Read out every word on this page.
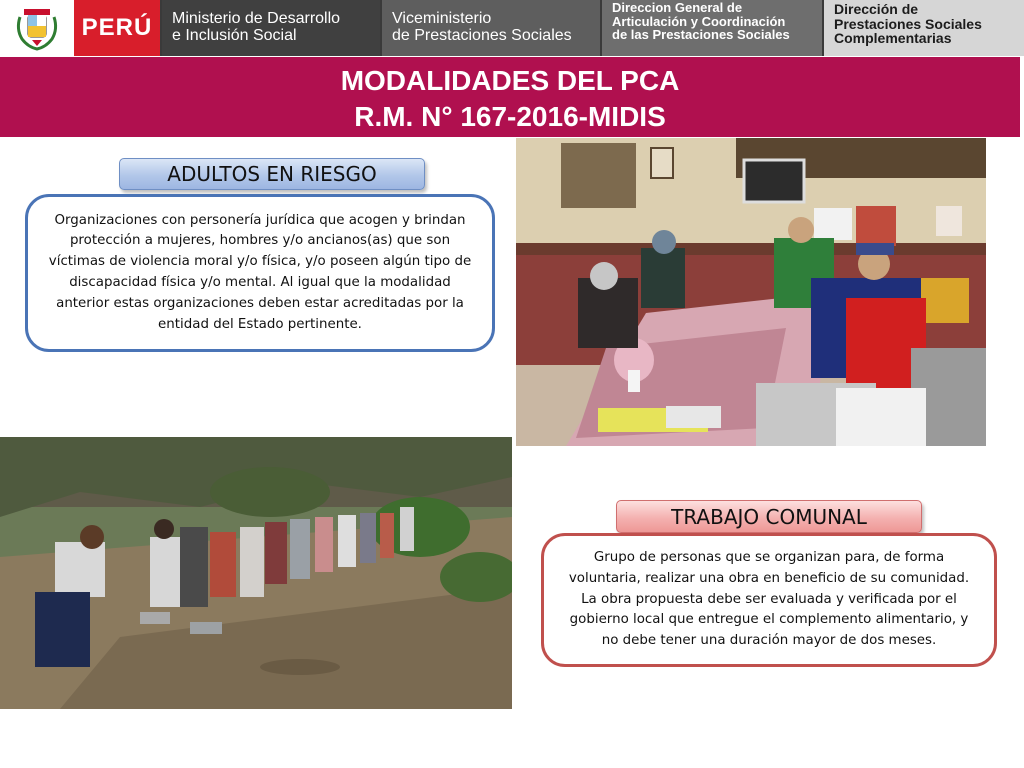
PERÚ	Ministerio de Desarrollo
e Inclusión Social
Viceministerio
de Prestaciones Sociales
Direccion General de
Articulación y Coordinación
de las Prestaciones Sociales
Dirección de
Prestaciones Sociales
Complementarias
MODALIDADES DEL PCA
R.M. N° 167-2016-MIDIS
ADULTOS EN RIESGO
Organizaciones con personería jurídica que acogen y brindan protección a mujeres, hombres y/o ancianos(as) que son víctimas de violencia moral y/o física, y/o poseen algún tipo de discapacidad física y/o mental. Al igual que la modalidad anterior estas organizaciones deben estar acreditadas por la entidad del Estado pertinente.
TRABAJO COMUNAL
Grupo de personas que se organizan para, de forma voluntaria, realizar una obra en beneficio de su comunidad. La obra propuesta debe ser evaluada y verificada por el gobierno local que entregue el complemento alimentario, y no debe tener una duración mayor de dos meses.
